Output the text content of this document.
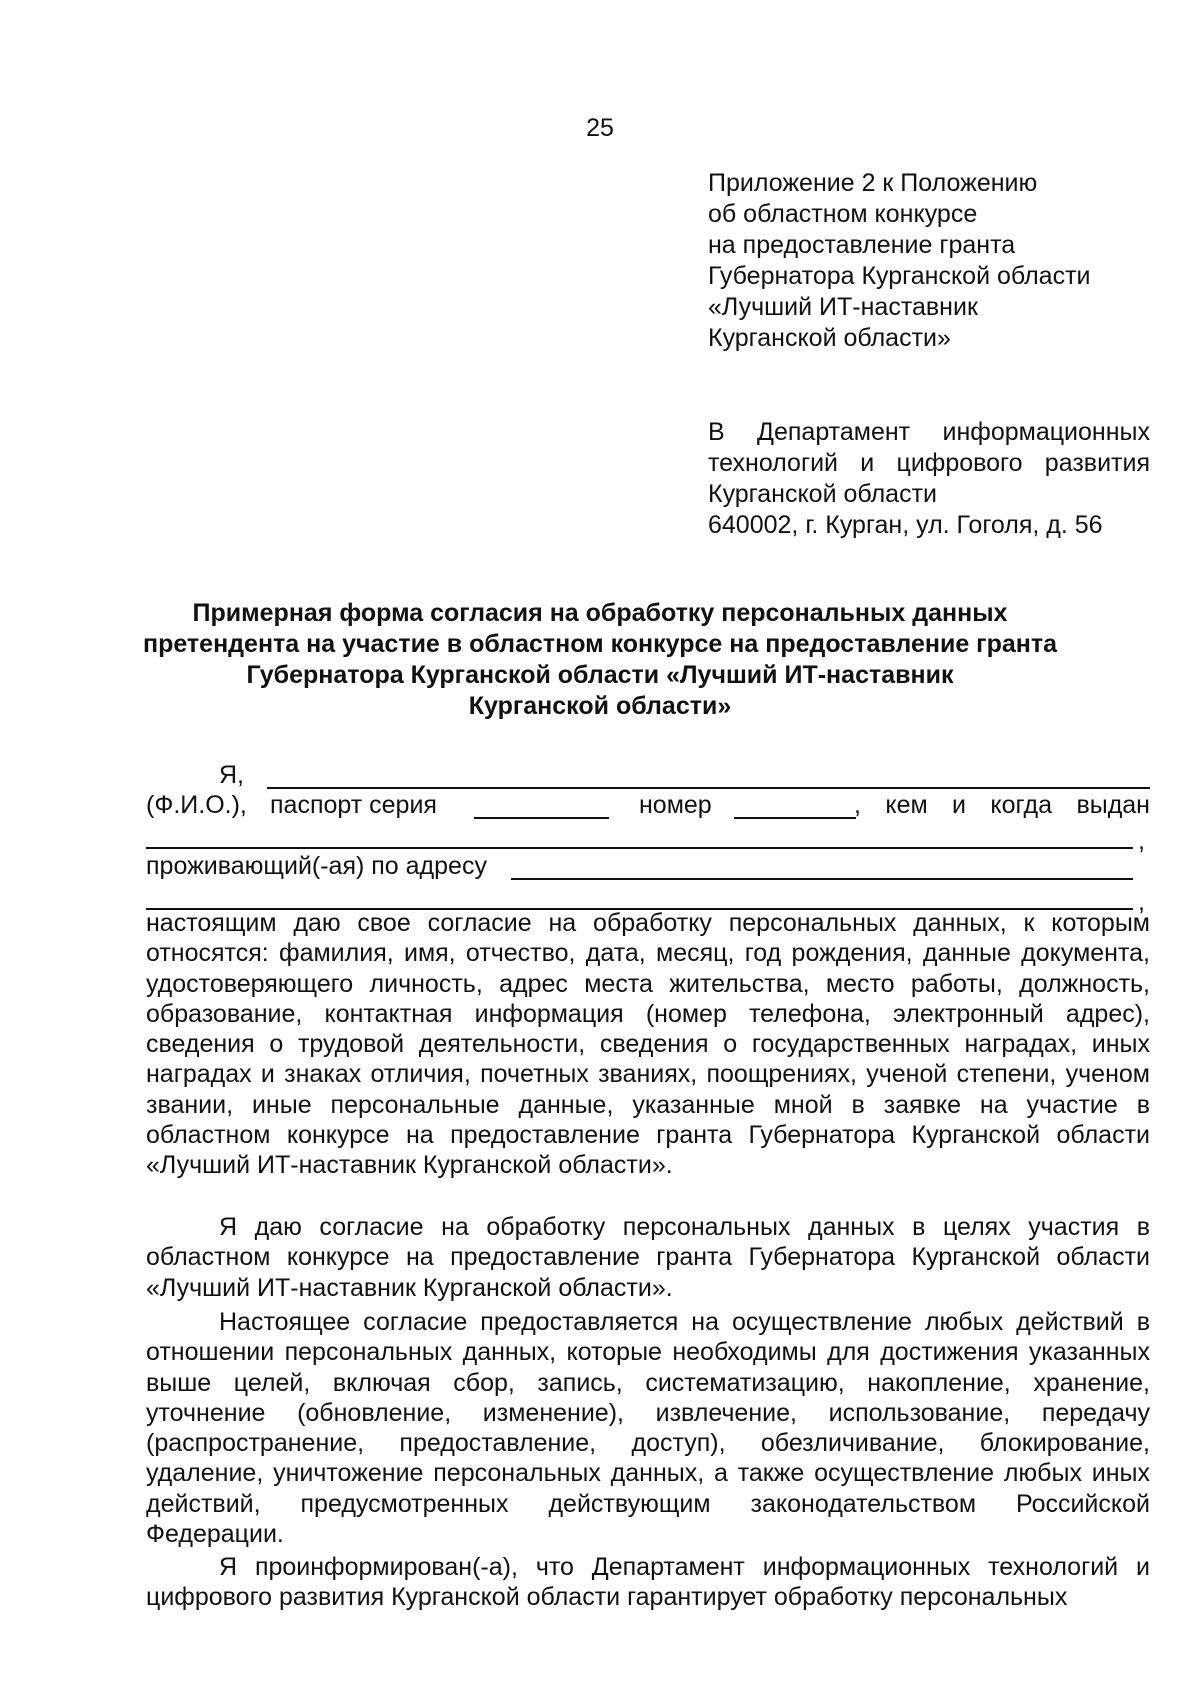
25
Приложение 2 к Положению
об областном конкурсе
на предоставление гранта
Губернатора Курганской области
«Лучший ИТ-наставник
Курганской области»
В Департамент информационных
технологий и цифрового развития
Курганской области
640002, г. Курган, ул. Гоголя, д. 56
Примерная форма согласия на обработку персональных данных
претендента на участие в областном конкурсе на предоставление гранта
Губернатора Курганской области «Лучший ИТ-наставник
Курганской области»
Я,
(Ф.И.О.), паспорт серия	номер	, кем и когда выдан
,
проживающий(-ая) по адресу
,

настоящим даю свое согласие на обработку персональных данных, к которым относятся: фамилия, имя, отчество, дата, месяц, год рождения, данные документа, удостоверяющего личность, адрес места жительства, место работы, должность, образование, контактная информация (номер телефона, электронный адрес), сведения о трудовой деятельности, сведения о государственных наградах, иных наградах и знаках отличия, почетных званиях, поощрениях, ученой степени, ученом звании, иные персональные данные, указанные мной в заявке на участие в областном конкурсе на предоставление гранта Губернатора Курганской области «Лучший ИТ-наставник Курганской области».

Я даю согласие на обработку персональных данных в целях участия в областном конкурсе на предоставление гранта Губернатора Курганской области «Лучший ИТ-наставник Курганской области».

Настоящее согласие предоставляется на осуществление любых действий в отношении персональных данных, которые необходимы для достижения указанных выше целей, включая сбор, запись, систематизацию, накопление, хранение, уточнение (обновление, изменение), извлечение, использование, передачу (распространение, предоставление, доступ), обезличивание, блокирование, удаление, уничтожение персональных данных, а также осуществление любых иных действий, предусмотренных действующим законодательством Российской Федерации.

Я проинформирован(-а), что Департамент информационных технологий и цифрового развития Курганской области гарантирует обработку персональных
